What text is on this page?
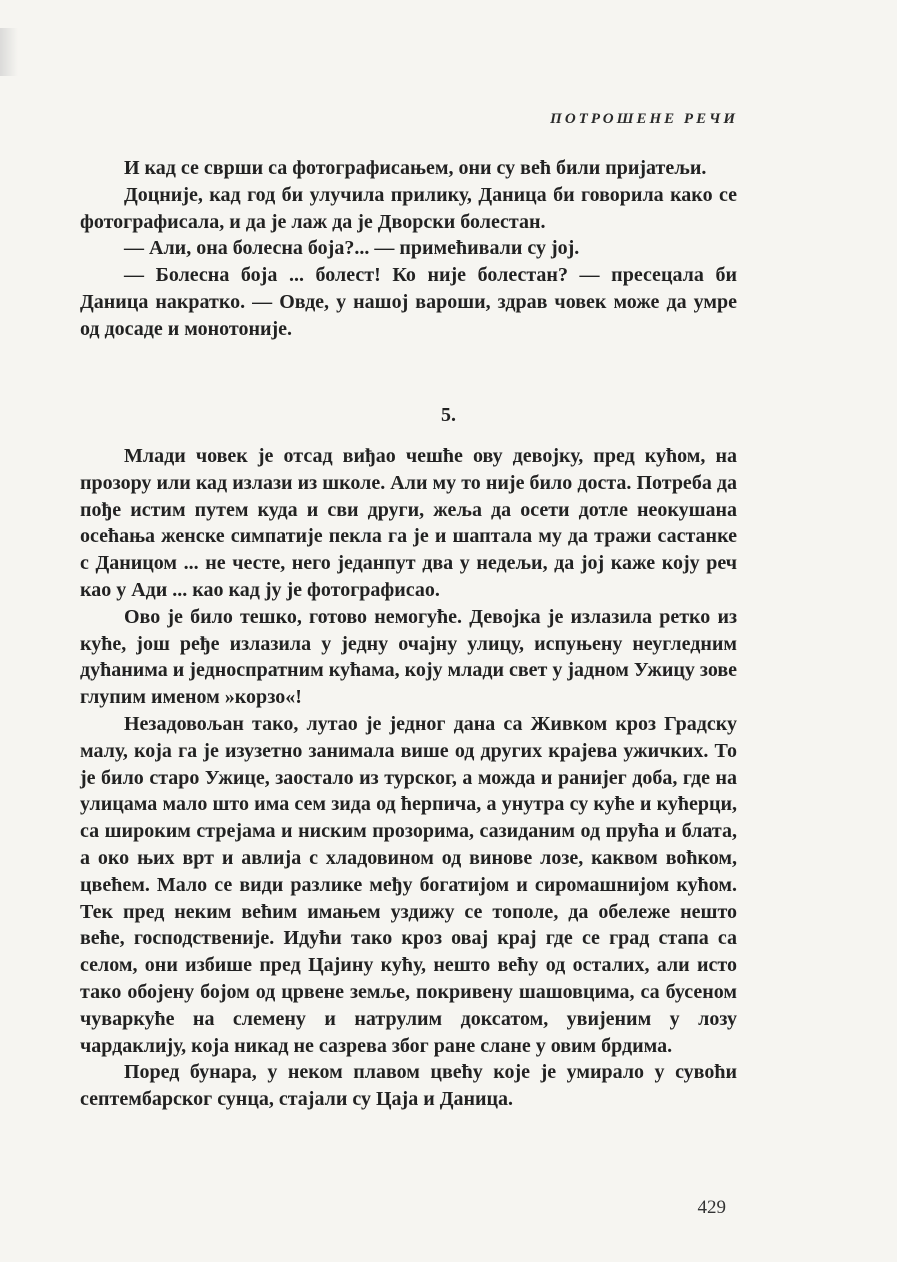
ПОТРОШЕНЕ РЕЧИ

И кад се сврши са фотографисањем, они су већ били пријатељи.

Доцније, кад год би улучила прилику, Даница би говорила како се фотографисала, и да је лаж да је Дворски болестан.

— Али, она болесна боја?... — примећивали су јој.

— Болесна боја ... болест! Ко није болестан? — пресецала би Даница накратко. — Овде, у нашој вароши, здрав човек може да умре од досаде и монотоније.

5.

Млади човек је отсад виђао чешће ову девојку, пред кућом, на прозору или кад излази из школе. Али му то није било доста. Потреба да пође истим путем куда и сви други, жеља да осети дотле неокушана осећања женске симпатије пекла га је и шаптала му да тражи састанке с Даницом ... не честе, него једанпут два у недељи, да јој каже коју реч као у Ади ... као кад ју је фотографисао.

Ово је било тешко, готово немогуће. Девојка је излазила ретко из куће, још ређе излазила у једну очајну улицу, испуњену неугледним дућанима и једноспратним кућама, коју млади свет у јадном Ужицу зове глупим именом »корзо«!

Незадовољан тако, лутао је једног дана са Живком кроз Градску малу, која га је изузетно занимала више од других крајева ужичких. То је било старо Ужице, заостало из турског, а можда и ранијег доба, где на улицама мало што има сем зида од ћерпича, а унутра су куће и кућерци, са широким стрејама и ниским прозорима, сазиданим од прућа и блата, а око њих врт и авлија с хладовином од винове лозе, каквом воћком, цвећем. Мало се види разлике међу богатијом и сиромашнијом кућом. Тек пред неким већим имањем уздижу се тополе, да обележе нешто веће, господственије. Идући тако кроз овај крај где се град стапа са селом, они избише пред Цајину кућу, нешто већу од осталих, али исто тако обојену бојом од црвене земље, покривену шашовцима, са бусеном чуваркуће на слемену и натрулим доксатом, увијеним у лозу чардаклију, која никад не сазрева због ране слане у овим брдима.

Поред бунара, у неком плавом цвећу које је умирало у сувоћи септембарског сунца, стајали су Цаја и Даница.

429
